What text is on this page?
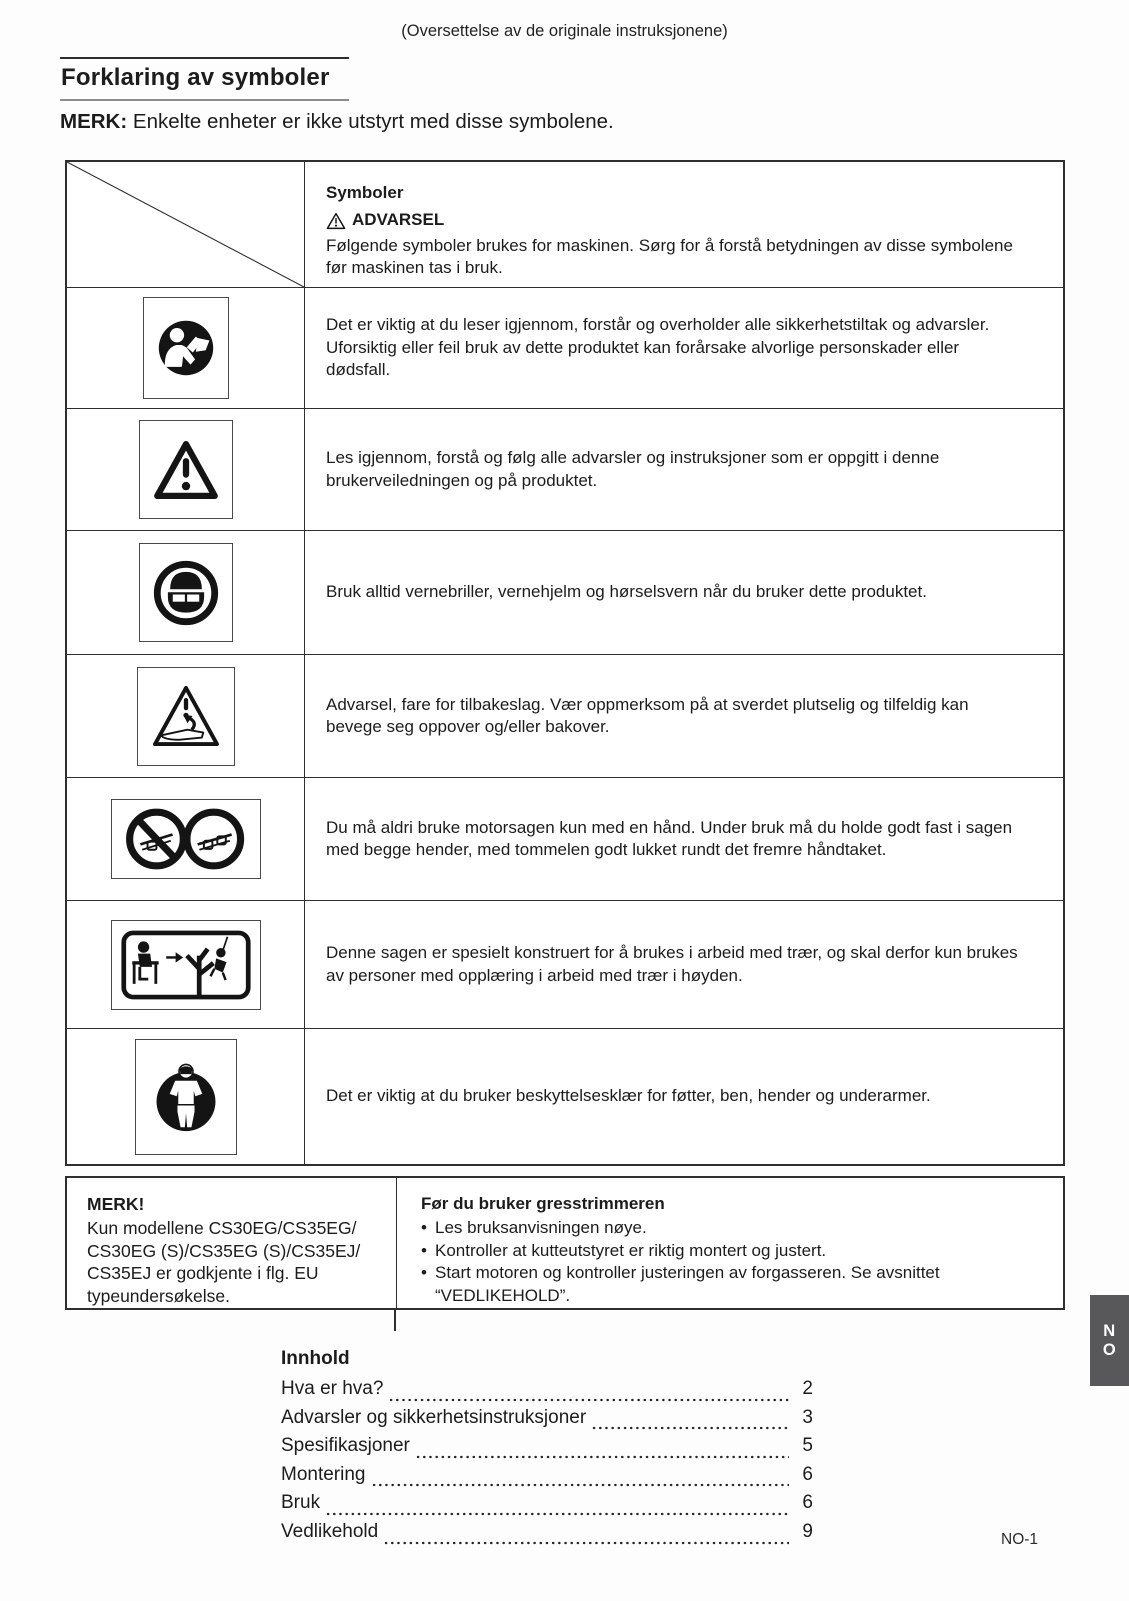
(Oversettelse av de originale instruksjonene)
Forklaring av symboler
MERK: Enkelte enheter er ikke utstyrt med disse symbolene.
Symboler
ADVARSEL
Følgende symboler brukes for maskinen. Sørg for å forstå betydningen av disse symbolene før maskinen tas i bruk.
Det er viktig at du leser igjennom, forstår og overholder alle sikkerhetstiltak og advarsler. Uforsiktig eller feil bruk av dette produktet kan forårsake alvorlige personskader eller dødsfall.
Les igjennom, forstå og følg alle advarsler og instruksjoner som er oppgitt i denne brukerveiledningen og på produktet.
Bruk alltid vernebriller, vernehjelm og hørselsvern når du bruker dette produktet.
Advarsel, fare for tilbakeslag. Vær oppmerksom på at sverdet plutselig og tilfeldig kan bevege seg oppover og/eller bakover.
Du må aldri bruke motorsagen kun med en hånd. Under bruk må du holde godt fast i sagen med begge hender, med tommelen godt lukket rundt det fremre håndtaket.
Denne sagen er spesielt konstruert for å brukes i arbeid med trær, og skal derfor kun brukes av personer med opplæring i arbeid med trær i høyden.
Det er viktig at du bruker beskyttelsesklær for føtter, ben, hender og underarmer.
MERK!
Kun modellene CS30EG/CS35EG/
CS30EG (S)/CS35EG (S)/CS35EJ/
CS35EJ er godkjente i flg. EU
typeundersøkelse.
Før du bruker gresstrimmeren
• Les bruksanvisningen nøye.
• Kontroller at kutteutstyret er riktig montert og justert.
• Start motoren og kontroller justeringen av forgasseren. Se avsnittet “VEDLIKEHOLD”.
Innhold
Hva er hva?	2
Advarsler og sikkerhetsinstruksjoner	3
Spesifikasjoner	5
Montering	6
Bruk	6
Vedlikehold	9
N
O
NO-1
